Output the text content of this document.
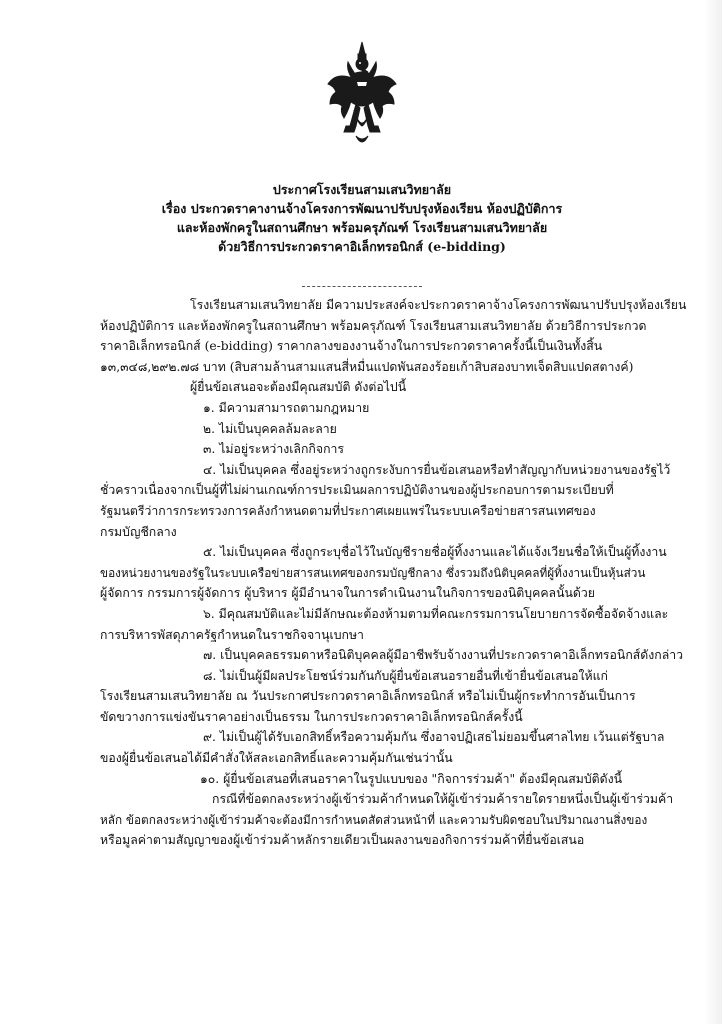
ประกาศโรงเรียนสามเสนวิทยาลัย
เรื่อง ประกวดราคางานจ้างโครงการพัฒนาปรับปรุงห้องเรียน ห้องปฏิบัติการ
และห้องพักครูในสถานศึกษา พร้อมครุภัณฑ์ โรงเรียนสามเสนวิทยาลัย
ด้วยวิธีการประกวดราคาอิเล็กทรอนิกส์ (e-bidding)
โรงเรียนสามเสนวิทยาลัย มีความประสงค์จะประกวดราคาจ้างโครงการพัฒนาปรับปรุงห้องเรียน
ห้องปฏิบัติการ และห้องพักครูในสถานศึกษา พร้อมครุภัณฑ์ โรงเรียนสามเสนวิทยาลัย ด้วยวิธีการประกวด
ราคาอิเล็กทรอนิกส์ (e-bidding) ราคากลางของงานจ้างในการประกวดราคาครั้งนี้เป็นเงินทั้งสิ้น
๑๓,๓๔๘,๒๙๒.๗๘ บาท (สิบสามล้านสามแสนสี่หมื่นแปดพันสองร้อยเก้าสิบสองบาทเจ็ดสิบแปดสตางค์)
ผู้ยื่นข้อเสนอจะต้องมีคุณสมบัติ ดังต่อไปนี้
๑. มีความสามารถตามกฎหมาย
๒. ไม่เป็นบุคคลล้มละลาย
๓. ไม่อยู่ระหว่างเลิกกิจการ
๔. ไม่เป็นบุคคล ซึ่งอยู่ระหว่างถูกระงับการยื่นข้อเสนอหรือทำสัญญากับหน่วยงานของรัฐไว้
ชั่วคราวเนื่องจากเป็นผู้ที่ไม่ผ่านเกณฑ์การประเมินผลการปฏิบัติงานของผู้ประกอบการตามระเบียบที่
รัฐมนตรีว่าการกระทรวงการคลังกำหนดตามที่ประกาศเผยแพร่ในระบบเครือข่ายสารสนเทศของ
กรมบัญชีกลาง
๕. ไม่เป็นบุคคล ซึ่งถูกระบุชื่อไว้ในบัญชีรายชื่อผู้ทิ้งงานและได้แจ้งเวียนชื่อให้เป็นผู้ทิ้งงาน
ของหน่วยงานของรัฐในระบบเครือข่ายสารสนเทศของกรมบัญชีกลาง ซึ่งรวมถึงนิติบุคคลที่ผู้ทิ้งงานเป็นหุ้นส่วน
ผู้จัดการ กรรมการผู้จัดการ ผู้บริหาร ผู้มีอำนาจในการดำเนินงานในกิจการของนิติบุคคลนั้นด้วย
๖. มีคุณสมบัติและไม่มีลักษณะต้องห้ามตามที่คณะกรรมการนโยบายการจัดซื้อจัดจ้างและ
การบริหารพัสดุภาครัฐกำหนดในราชกิจจานุเบกษา
๗. เป็นบุคคลธรรมดาหรือนิติบุคคลผู้มีอาชีพรับจ้างงานที่ประกวดราคาอิเล็กทรอนิกส์ดังกล่าว
๘. ไม่เป็นผู้มีผลประโยชน์ร่วมกันกับผู้ยื่นข้อเสนอรายอื่นที่เข้ายื่นข้อเสนอให้แก่
โรงเรียนสามเสนวิทยาลัย ณ วันประกาศประกวดราคาอิเล็กทรอนิกส์ หรือไม่เป็นผู้กระทำการอันเป็นการ
ขัดขวางการแข่งขันราคาอย่างเป็นธรรม ในการประกวดราคาอิเล็กทรอนิกส์ครั้งนี้
๙. ไม่เป็นผู้ได้รับเอกสิทธิ์หรือความคุ้มกัน ซึ่งอาจปฏิเสธไม่ยอมขึ้นศาลไทย เว้นแต่รัฐบาล
ของผู้ยื่นข้อเสนอได้มีคำสั่งให้สละเอกสิทธิ์และความคุ้มกันเช่นว่านั้น
๑๐. ผู้ยื่นข้อเสนอที่เสนอราคาในรูปแบบของ "กิจการร่วมค้า" ต้องมีคุณสมบัติดังนี้
กรณีที่ข้อตกลงระหว่างผู้เข้าร่วมค้ากำหนดให้ผู้เข้าร่วมค้ารายใดรายหนึ่งเป็นผู้เข้าร่วมค้า
หลัก ข้อตกลงระหว่างผู้เข้าร่วมค้าจะต้องมีการกำหนดสัดส่วนหน้าที่ และความรับผิดชอบในปริมาณงานสิ่งของ
หรือมูลค่าตามสัญญาของผู้เข้าร่วมค้าหลักรายเดียวเป็นผลงานของกิจการร่วมค้าที่ยื่นข้อเสนอ
